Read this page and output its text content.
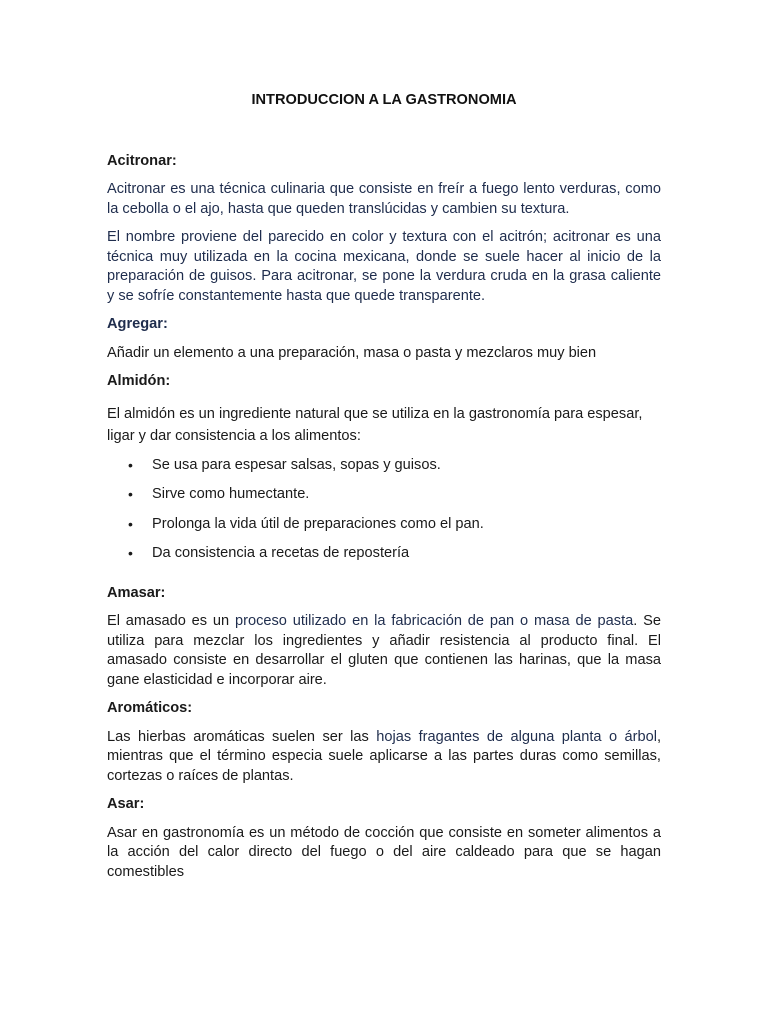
INTRODUCCION A LA GASTRONOMIA

Acitronar:

Acitronar es una técnica culinaria que consiste en freír a fuego lento verduras, como la cebolla o el ajo, hasta que queden translúcidas y cambien su textura.

El nombre proviene del parecido en color y textura con el acitrón; acitronar es una técnica muy utilizada en la cocina mexicana, donde se suele hacer al inicio de la preparación de guisos. Para acitronar, se pone la verdura cruda en la grasa caliente y se sofríe constantemente hasta que quede transparente.

Agregar:

Añadir un elemento a una preparación, masa o pasta y mezclaros muy bien

Almidón:

El almidón es un ingrediente natural que se utiliza en la gastronomía para espesar, ligar y dar consistencia a los alimentos:

• Se usa para espesar salsas, sopas y guisos.
• Sirve como humectante.
• Prolonga la vida útil de preparaciones como el pan.
• Da consistencia a recetas de repostería

Amasar:

El amasado es un proceso utilizado en la fabricación de pan o masa de pasta. Se utiliza para mezclar los ingredientes y añadir resistencia al producto final. El amasado consiste en desarrollar el gluten que contienen las harinas, que la masa gane elasticidad e incorporar aire.

Aromáticos:

Las hierbas aromáticas suelen ser las hojas fragantes de alguna planta o árbol, mientras que el término especia suele aplicarse a las partes duras como semillas, cortezas o raíces de plantas.

Asar:

Asar en gastronomía es un método de cocción que consiste en someter alimentos a la acción del calor directo del fuego o del aire caldeado para que se hagan comestibles
